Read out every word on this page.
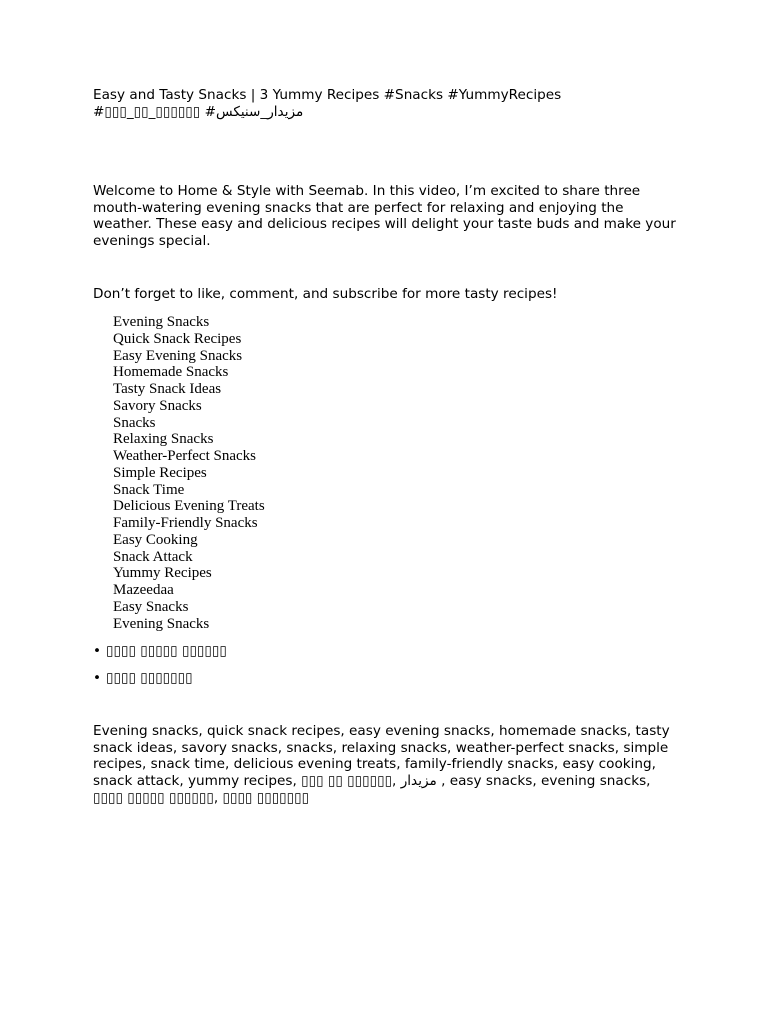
Easy and Tasty Snacks | 3 Yummy Recipes #Snacks #YummyRecipes
#▯▯▯_▯▯_▯▯▯▯▯▯ #مزیدار_سنیکس

Welcome to Home & Style with Seemab. In this video, I’m excited to share three mouth-watering evening snacks that are perfect for relaxing and enjoying the weather. These easy and delicious recipes will delight your taste buds and make your evenings special.

Don’t forget to like, comment, and subscribe for more tasty recipes!

Evening Snacks
Quick Snack Recipes
Easy Evening Snacks
Homemade Snacks
Tasty Snack Ideas
Savory Snacks
Snacks
Relaxing Snacks
Weather-Perfect Snacks
Simple Recipes
Snack Time
Delicious Evening Treats
Family-Friendly Snacks
Easy Cooking
Snack Attack
Yummy Recipes
Mazeedaa
Easy Snacks
Evening Snacks
• ▯▯▯▯ ▯▯▯▯▯ ▯▯▯▯▯▯
• ▯▯▯▯ ▯▯▯▯▯▯▯

Evening snacks, quick snack recipes, easy evening snacks, homemade snacks, tasty snack ideas, savory snacks, snacks, relaxing snacks, weather-perfect snacks, simple recipes, snack time, delicious evening treats, family-friendly snacks, easy cooking, snack attack, yummy recipes, ▯▯▯ ▯▯ ▯▯▯▯▯▯, مزیدار , easy snacks, evening snacks, ▯▯▯▯ ▯▯▯▯▯ ▯▯▯▯▯▯, ▯▯▯▯ ▯▯▯▯▯▯▯
